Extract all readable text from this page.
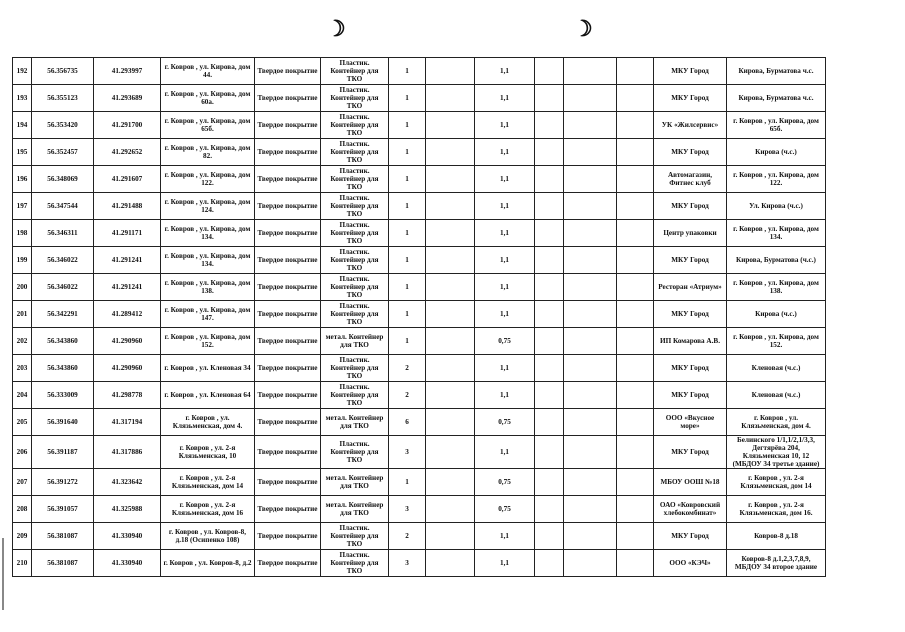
☽	☽
192	56.356735	41.293997	г. Ковров , ул. Кирова, дом 44.	Твердое покрытие	Пластик. Контейнер для ТКО	1		1,1				МКУ Город	Кирова, Бурматова ч.с.
193	56.355123	41.293689	г. Ковров , ул. Кирова, дом 60а.	Твердое покрытие	Пластик. Контейнер для ТКО	1		1,1				МКУ Город	Кирова, Бурматова ч.с.
194	56.353420	41.291700	г. Ковров , ул. Кирова, дом 65б.	Твердое покрытие	Пластик. Контейнер для ТКО	1		1,1				УК «Жилсервис»	г. Ковров , ул. Кирова, дом 65б.
195	56.352457	41.292652	г. Ковров , ул. Кирова, дом 82.	Твердое покрытие	Пластик. Контейнер для ТКО	1		1,1				МКУ Город	Кирова (ч.с.)
196	56.348069	41.291607	г. Ковров , ул. Кирова, дом 122.	Твердое покрытие	Пластик. Контейнер для ТКО	1		1,1				Автомагазин, Фитнес клуб	г. Ковров , ул. Кирова, дом 122.
197	56.347544	41.291488	г. Ковров , ул. Кирова, дом 124.	Твердое покрытие	Пластик. Контейнер для ТКО	1		1,1				МКУ Город	Ул. Кирова (ч.с.)
198	56.346311	41.291171	г. Ковров , ул. Кирова, дом 134.	Твердое покрытие	Пластик. Контейнер для ТКО	1		1,1				Центр упаковки	г. Ковров , ул. Кирова, дом 134.
199	56.346022	41.291241	г. Ковров , ул. Кирова, дом 134.	Твердое покрытие	Пластик. Контейнер для ТКО	1		1,1				МКУ Город	Кирова, Бурматова (ч.с.)
200	56.346022	41.291241	г. Ковров , ул. Кирова, дом 138.	Твердое покрытие	Пластик. Контейнер для ТКО	1		1,1				Ресторан «Атриум»	г. Ковров , ул. Кирова, дом 138.
201	56.342291	41.289412	г. Ковров , ул. Кирова, дом 147.	Твердое покрытие	Пластик. Контейнер для ТКО	1		1,1				МКУ Город	Кирова (ч.с.)
202	56.343860	41.290960	г. Ковров , ул. Кирова, дом 152.	Твердое покрытие	метал. Контейнер для ТКО	1		0,75				ИП Комарова А.В.	г. Ковров , ул. Кирова, дом 152.
203	56.343860	41.290960	г. Ковров , ул. Кленовая 34	Твердое покрытие	Пластик. Контейнер для ТКО	2		1,1				МКУ Город	Кленовая (ч.с.)
204	56.333009	41.298778	г. Ковров , ул. Кленовая 64	Твердое покрытие	Пластик. Контейнер для ТКО	2		1,1				МКУ Город	Кленовая (ч.с.)
205	56.391640	41.317194	г. Ковров , ул. Клязьменская, дом 4.	Твердое покрытие	метал. Контейнер для ТКО	6		0,75				ООО «Вкусное море»	г. Ковров , ул. Клязьменская, дом 4.
206	56.391187	41.317886	г. Ковров , ул. 2-я Клязьменская, 10	Твердое покрытие	Пластик. Контейнер для ТКО	3		1,1				МКУ Город	Белинского 1/1,1/2,1/3,3, Дегтярёва 204, Клязьменская 10, 12 (МБДОУ 34 третье здание)
207	56.391272	41.323642	г. Ковров , ул. 2-я Клязьменская, дом 14	Твердое покрытие	метал. Контейнер для ТКО	1		0,75				МБОУ ООШ №18	г. Ковров , ул. 2-я Клязьменская, дом 14
208	56.391057	41.325988	г. Ковров , ул. 2-я Клязьменская, дом 16	Твердое покрытие	метал. Контейнер для ТКО	3		0,75				ОАО «Ковровский хлебокомбинат»	г. Ковров , ул. 2-я Клязьменская, дом 16.
209	56.381087	41.330940	г. Ковров , ул. Ковров-8, д.18 (Осипенко 108)	Твердое покрытие	Пластик. Контейнер для ТКО	2		1,1				МКУ Город	Ковров-8 д.18
210	56.381087	41.330940	г. Ковров , ул. Ковров-8, д.2	Твердое покрытие	Пластик. Контейнер для ТКО	3		1,1				ООО «КЭЧ»	Ковров-8 д.1,2,3,7,8,9, МБДОУ 34 второе здание
